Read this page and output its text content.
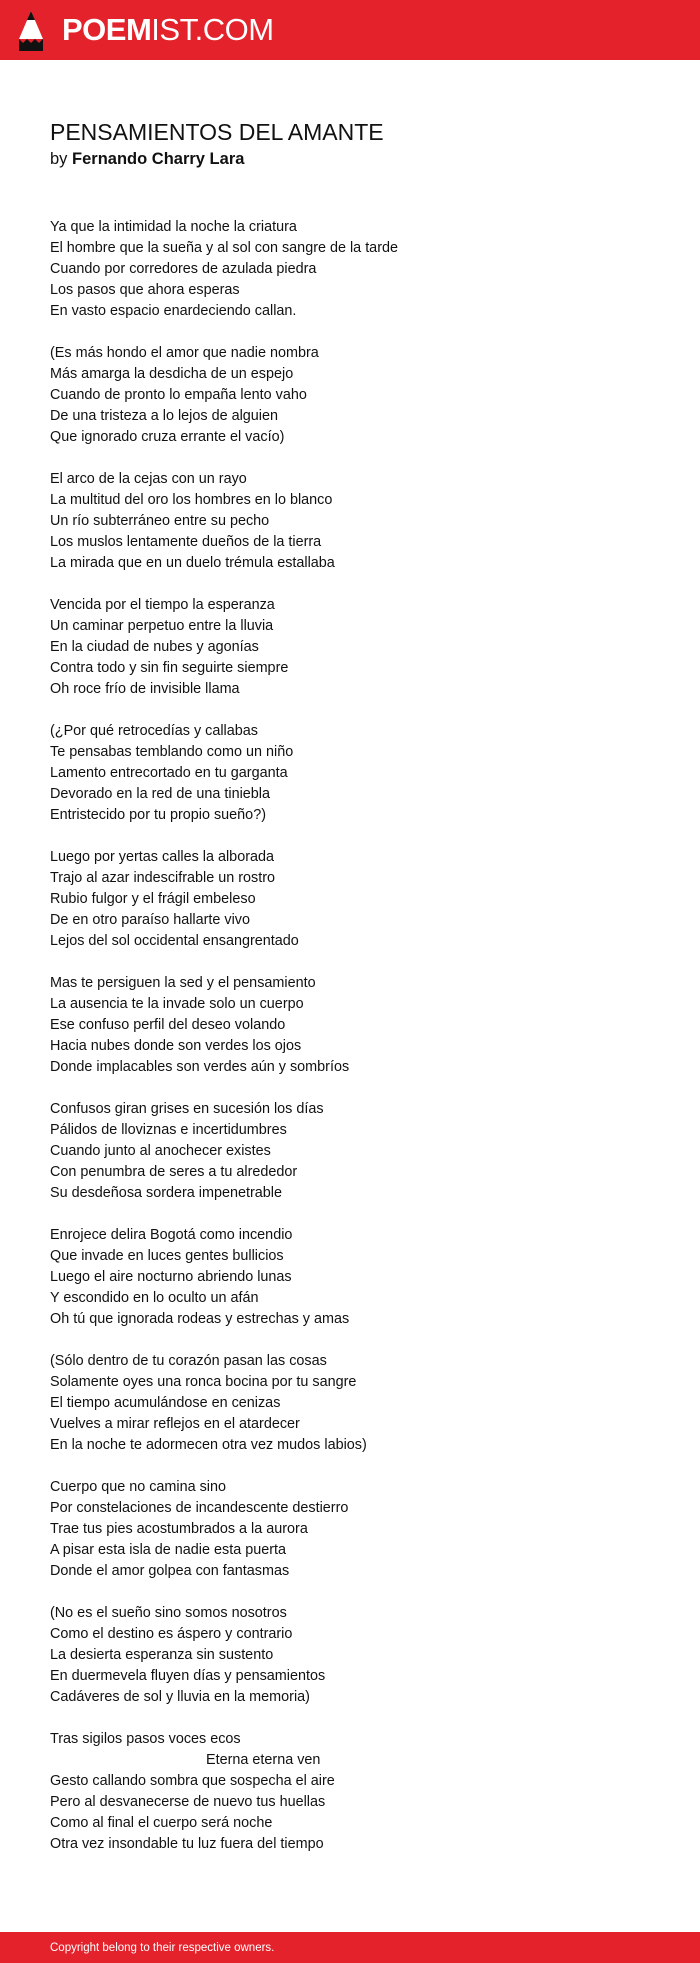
POEMIST.COM
PENSAMIENTOS DEL AMANTE
by Fernando Charry Lara
Ya que la intimidad la noche la criatura
El hombre que la sueña y al sol con sangre de la tarde
Cuando por corredores de azulada piedra
Los pasos que ahora esperas
En vasto espacio enardeciendo callan.
(Es más hondo el amor que nadie nombra
Más amarga la desdicha de un espejo
Cuando de pronto lo empaña lento vaho
De una tristeza a lo lejos de alguien
Que ignorado cruza errante el vacío)
El arco de la cejas con un rayo
La multitud del oro los hombres en lo blanco
Un río subterráneo entre su pecho
Los muslos lentamente dueños de la tierra
La mirada que en un duelo trémula estallaba
Vencida por el tiempo la esperanza
Un caminar perpetuo entre la lluvia
En la ciudad de nubes y agonías
Contra todo y sin fin seguirte siempre
Oh roce frío de invisible llama
(¿Por qué retrocedías y callabas
Te pensabas temblando como un niño
Lamento entrecortado en tu garganta
Devorado en la red de una tiniebla
Entristecido por tu propio sueño?)
Luego por yertas calles la alborada
Trajo al azar indescifrable un rostro
Rubio fulgor y el frágil embeleso
De en otro paraíso hallarte vivo
Lejos del sol occidental ensangrentado
Mas te persiguen la sed y el pensamiento
La ausencia te la invade solo un cuerpo
Ese confuso perfil del deseo volando
Hacia nubes donde son verdes los ojos
Donde implacables son verdes aún y sombríos
Confusos giran grises en sucesión los días
Pálidos de lloviznas e incertidumbres
Cuando junto al anochecer existes
Con penumbra de seres a tu alrededor
Su desdeñosa sordera impenetrable
Enrojece delira Bogotá como incendio
Que invade en luces gentes bullicios
Luego el aire nocturno abriendo lunas
Y escondido en lo oculto un afán
Oh tú que ignorada rodeas y estrechas y amas
(Sólo dentro de tu corazón pasan las cosas
Solamente oyes una ronca bocina por tu sangre
El tiempo acumulándose en cenizas
Vuelves a mirar reflejos en el atardecer
En la noche te adormecen otra vez mudos labios)
Cuerpo que no camina sino
Por constelaciones de incandescente destierro
Trae tus pies acostumbrados a la aurora
A pisar esta isla de nadie esta puerta
Donde el amor golpea con fantasmas
(No es el sueño sino somos nosotros
Como el destino es áspero y contrario
La desierta esperanza sin sustento
En duermevela fluyen días y pensamientos
Cadáveres de sol y lluvia en la memoria)
Tras sigilos pasos voces ecos
Eterna eterna ven
Gesto callando sombra que sospecha el aire
Pero al desvanecerse de nuevo tus huellas
Como al final el cuerpo será noche
Otra vez insondable tu luz fuera del tiempo
Copyright belong to their respective owners.
